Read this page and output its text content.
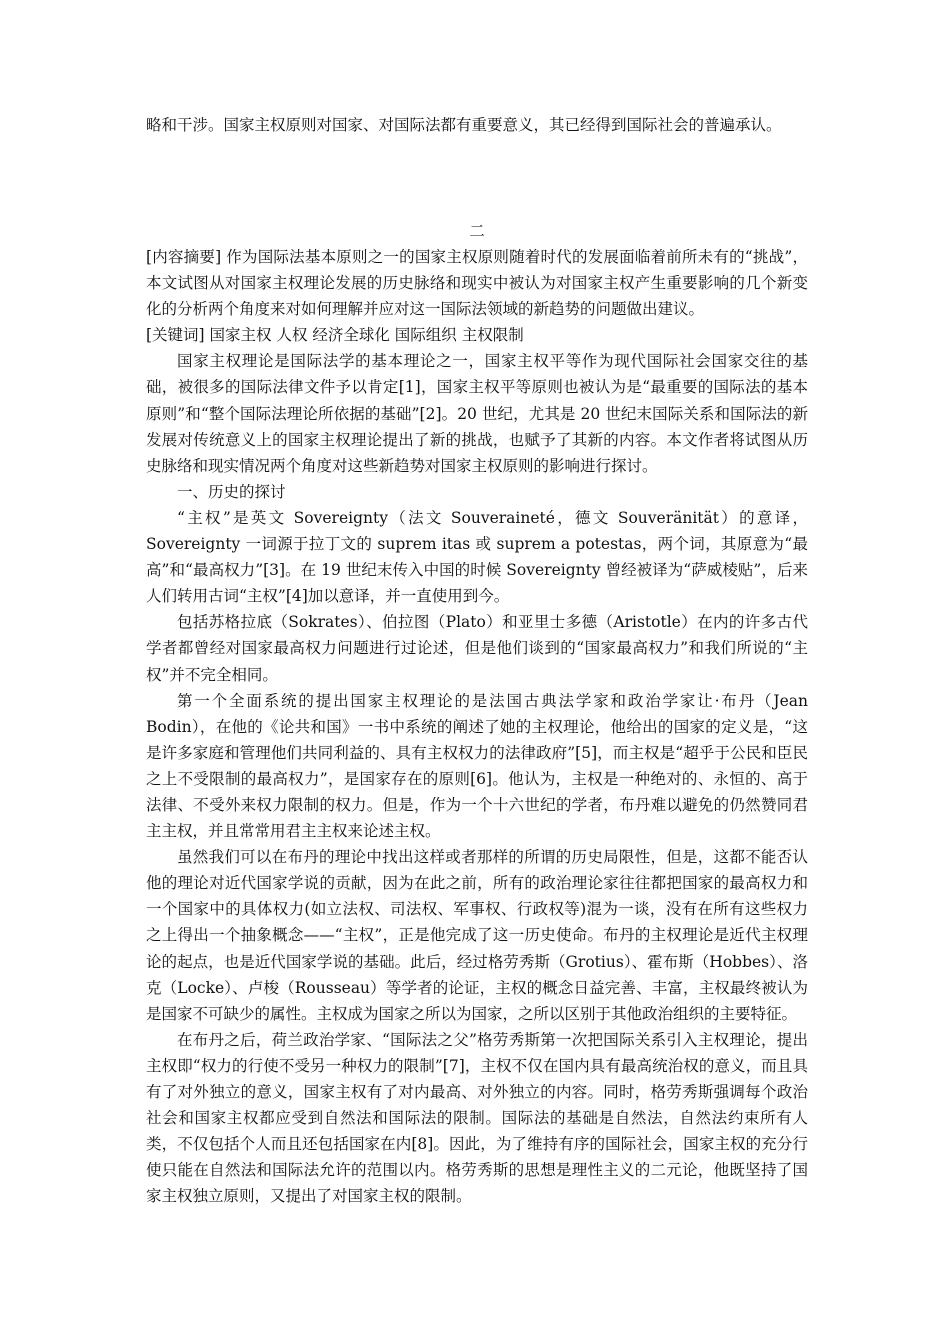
略和干涉。国家主权原则对国家、对国际法都有重要意义，其已经得到国际社会的普遍承认。

二

[内容摘要] 作为国际法基本原则之一的国家主权原则随着时代的发展面临着前所未有的“挑战”，本文试图从对国家主权理论发展的历史脉络和现实中被认为对国家主权产生重要影响的几个新变化的分析两个角度来对如何理解并应对这一国际法领域的新趋势的问题做出建议。

[关键词] 国家主权 人权 经济全球化 国际组织 主权限制

国家主权理论是国际法学的基本理论之一，国家主权平等作为现代国际社会国家交往的基础，被很多的国际法律文件予以肯定[1]，国家主权平等原则也被认为是“最重要的国际法的基本原则”和“整个国际法理论所依据的基础”[2]。20 世纪，尤其是 20 世纪末国际关系和国际法的新发展对传统意义上的国家主权理论提出了新的挑战，也赋予了其新的内容。本文作者将试图从历史脉络和现实情况两个角度对这些新趋势对国家主权原则的影响进行探讨。

一、历史的探讨

“主权”是英文 Sovereignty（法文 Souveraineté，德文 Souveränität）的意译，Sovereignty 一词源于拉丁文的 suprem itas 或 suprem a potestas，两个词，其原意为“最高”和“最高权力”[3]。在 19 世纪末传入中国的时候 Sovereignty 曾经被译为“萨威棱贴”，后来人们转用古词“主权”[4]加以意译，并一直使用到今。

包括苏格拉底（Sokrates）、伯拉图（Plato）和亚里士多德（Aristotle）在内的许多古代学者都曾经对国家最高权力问题进行过论述，但是他们谈到的“国家最高权力”和我们所说的“主权”并不完全相同。

第一个全面系统的提出国家主权理论的是法国古典法学家和政治学家让·布丹（Jean Bodin），在他的《论共和国》一书中系统的阐述了她的主权理论，他给出的国家的定义是，“这是许多家庭和管理他们共同利益的、具有主权权力的法律政府”[5]，而主权是“超乎于公民和臣民之上不受限制的最高权力”，是国家存在的原则[6]。他认为，主权是一种绝对的、永恒的、高于法律、不受外来权力限制的权力。但是，作为一个十六世纪的学者，布丹难以避免的仍然赞同君主主权，并且常常用君主主权来论述主权。

虽然我们可以在布丹的理论中找出这样或者那样的所谓的历史局限性，但是，这都不能否认他的理论对近代国家学说的贡献，因为在此之前，所有的政治理论家往往都把国家的最高权力和一个国家中的具体权力(如立法权、司法权、军事权、行政权等)混为一谈，没有在所有这些权力之上得出一个抽象概念——“主权”，正是他完成了这一历史使命。布丹的主权理论是近代主权理论的起点，也是近代国家学说的基础。此后，经过格劳秀斯（Grotius）、霍布斯（Hobbes）、洛克（Locke）、卢梭（Rousseau）等学者的论证，主权的概念日益完善、丰富，主权最终被认为是国家不可缺少的属性。主权成为国家之所以为国家，之所以区别于其他政治组织的主要特征。

在布丹之后，荷兰政治学家、“国际法之父”格劳秀斯第一次把国际关系引入主权理论，提出主权即“权力的行使不受另一种权力的限制”[7]，主权不仅在国内具有最高统治权的意义，而且具有了对外独立的意义，国家主权有了对内最高、对外独立的内容。同时，格劳秀斯强调每个政治社会和国家主权都应受到自然法和国际法的限制。国际法的基础是自然法，自然法约束所有人类，不仅包括个人而且还包括国家在内[8]。因此，为了维持有序的国际社会，国家主权的充分行使只能在自然法和国际法允许的范围以内。格劳秀斯的思想是理性主义的二元论，他既坚持了国家主权独立原则，又提出了对国家主权的限制。
